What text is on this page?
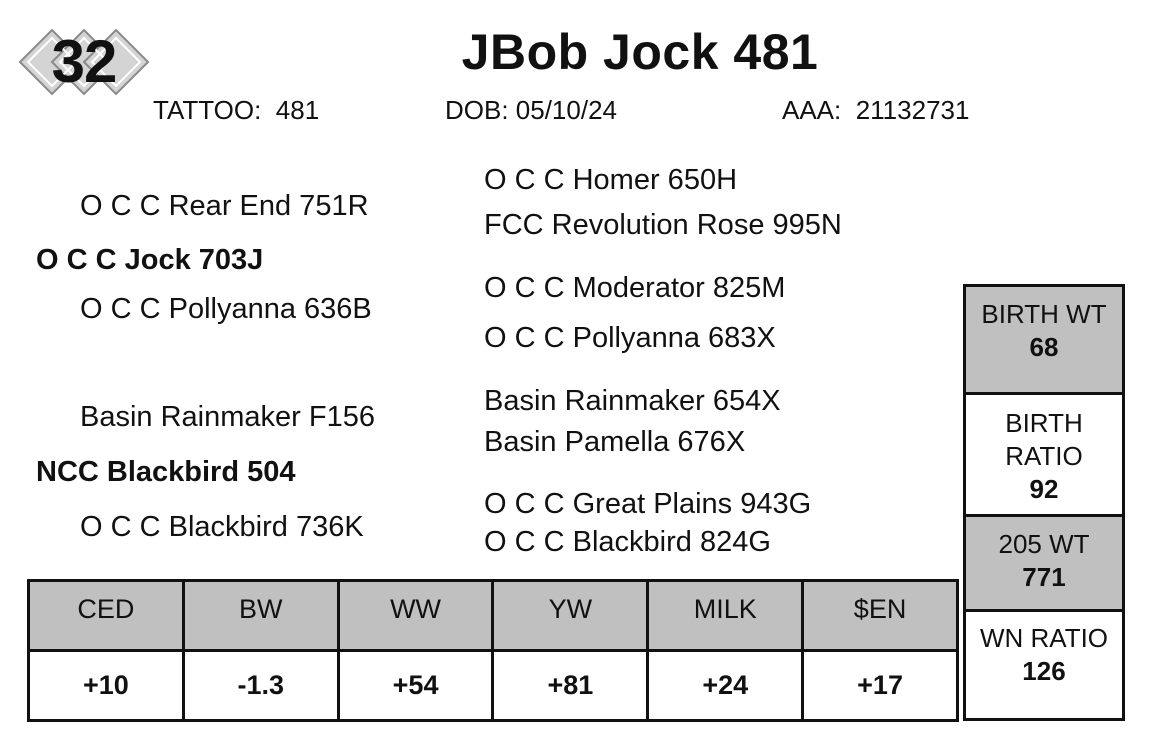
32	JBob Jock 481
TATTOO:  481	DOB: 05/10/24	AAA:  21132731
O C C Homer 650H
O C C Rear End 751R
FCC Revolution Rose 995N
O C C Jock 703J
O C C Moderator 825M
O C C Pollyanna 636B
O C C Pollyanna 683X
Basin Rainmaker 654X
Basin Rainmaker F156
Basin Pamella 676X
NCC Blackbird 504
O C C Great Plains 943G
O C C Blackbird 736K	O C C Blackbird 824G
CED	BW	WW	YW	MILK	$EN
+10	-1.3	+54	+81	+24	+17
BIRTH WT
68
BIRTH RATIO
92
205 WT
771
WN RATIO
126
